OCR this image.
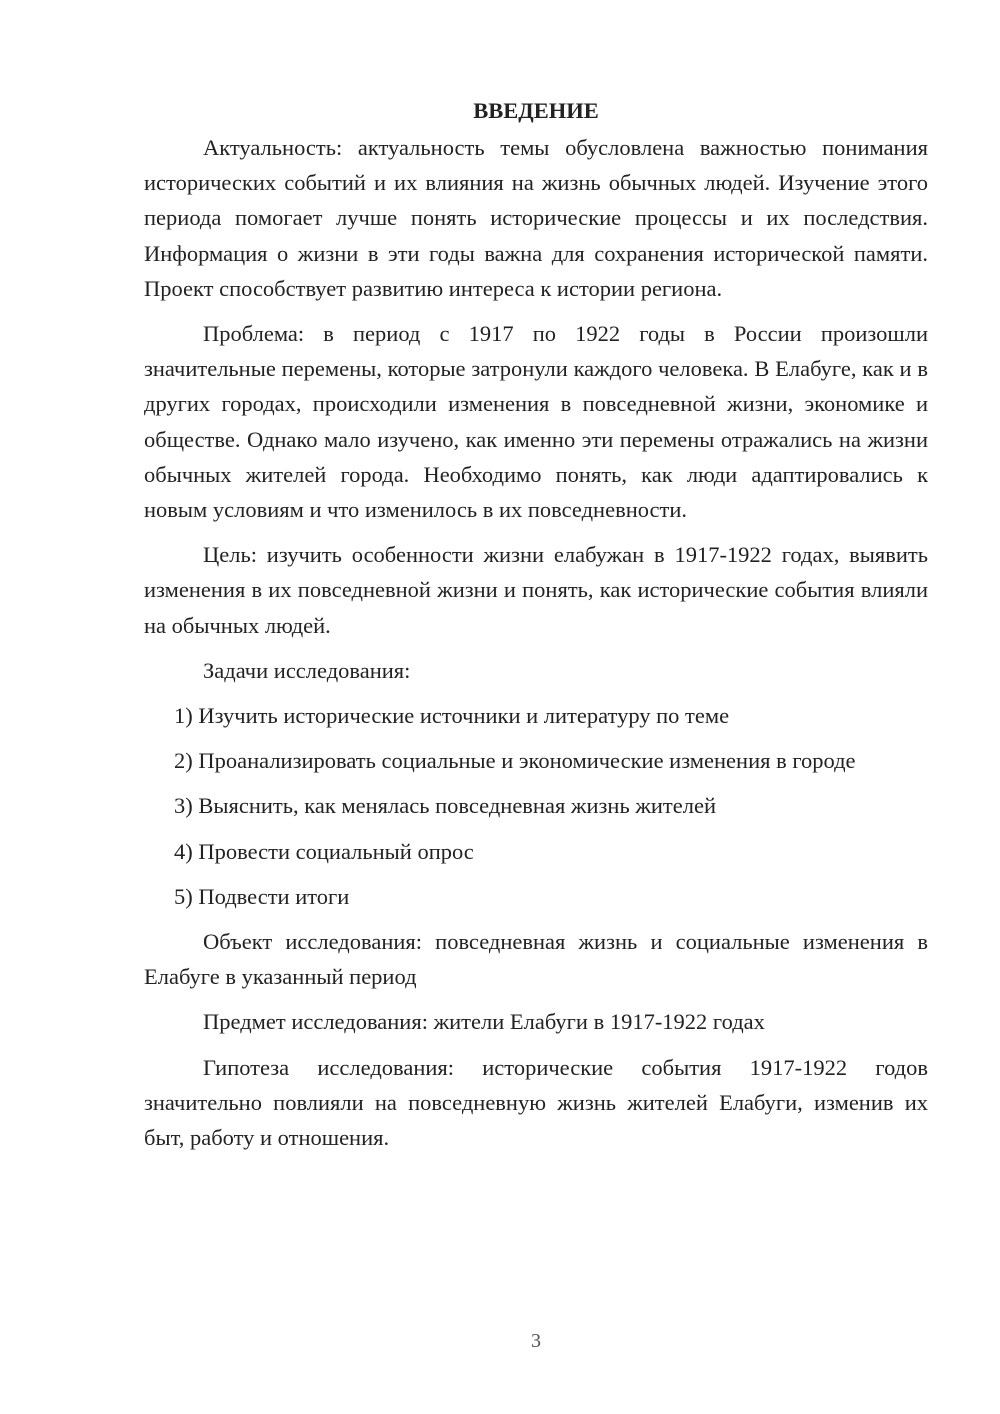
ВВЕДЕНИЕ

Актуальность: актуальность темы обусловлена важностью понимания исторических событий и их влияния на жизнь обычных людей. Изучение этого периода помогает лучше понять исторические процессы и их последствия. Информация о жизни в эти годы важна для сохранения исторической памяти. Проект способствует развитию интереса к истории региона.

Проблема: в период с 1917 по 1922 годы в России произошли значительные перемены, которые затронули каждого человека. В Елабуге, как и в других городах, происходили изменения в повседневной жизни, экономике и обществе. Однако мало изучено, как именно эти перемены отражались на жизни обычных жителей города. Необходимо понять, как люди адаптировались к новым условиям и что изменилось в их повседневности.

Цель: изучить особенности жизни елабужан в 1917-1922 годах, выявить изменения в их повседневной жизни и понять, как исторические события влияли на обычных людей.

Задачи исследования:

1) Изучить исторические источники и литературу по теме

2) Проанализировать социальные и экономические изменения в городе

3) Выяснить, как менялась повседневная жизнь жителей

4) Провести социальный опрос

5) Подвести итоги

Объект исследования: повседневная жизнь и социальные изменения в Елабуге в указанный период

Предмет исследования: жители Елабуги в 1917-1922 годах

Гипотеза исследования: исторические события 1917-1922 годов значительно повлияли на повседневную жизнь жителей Елабуги, изменив их быт, работу и отношения.

3
